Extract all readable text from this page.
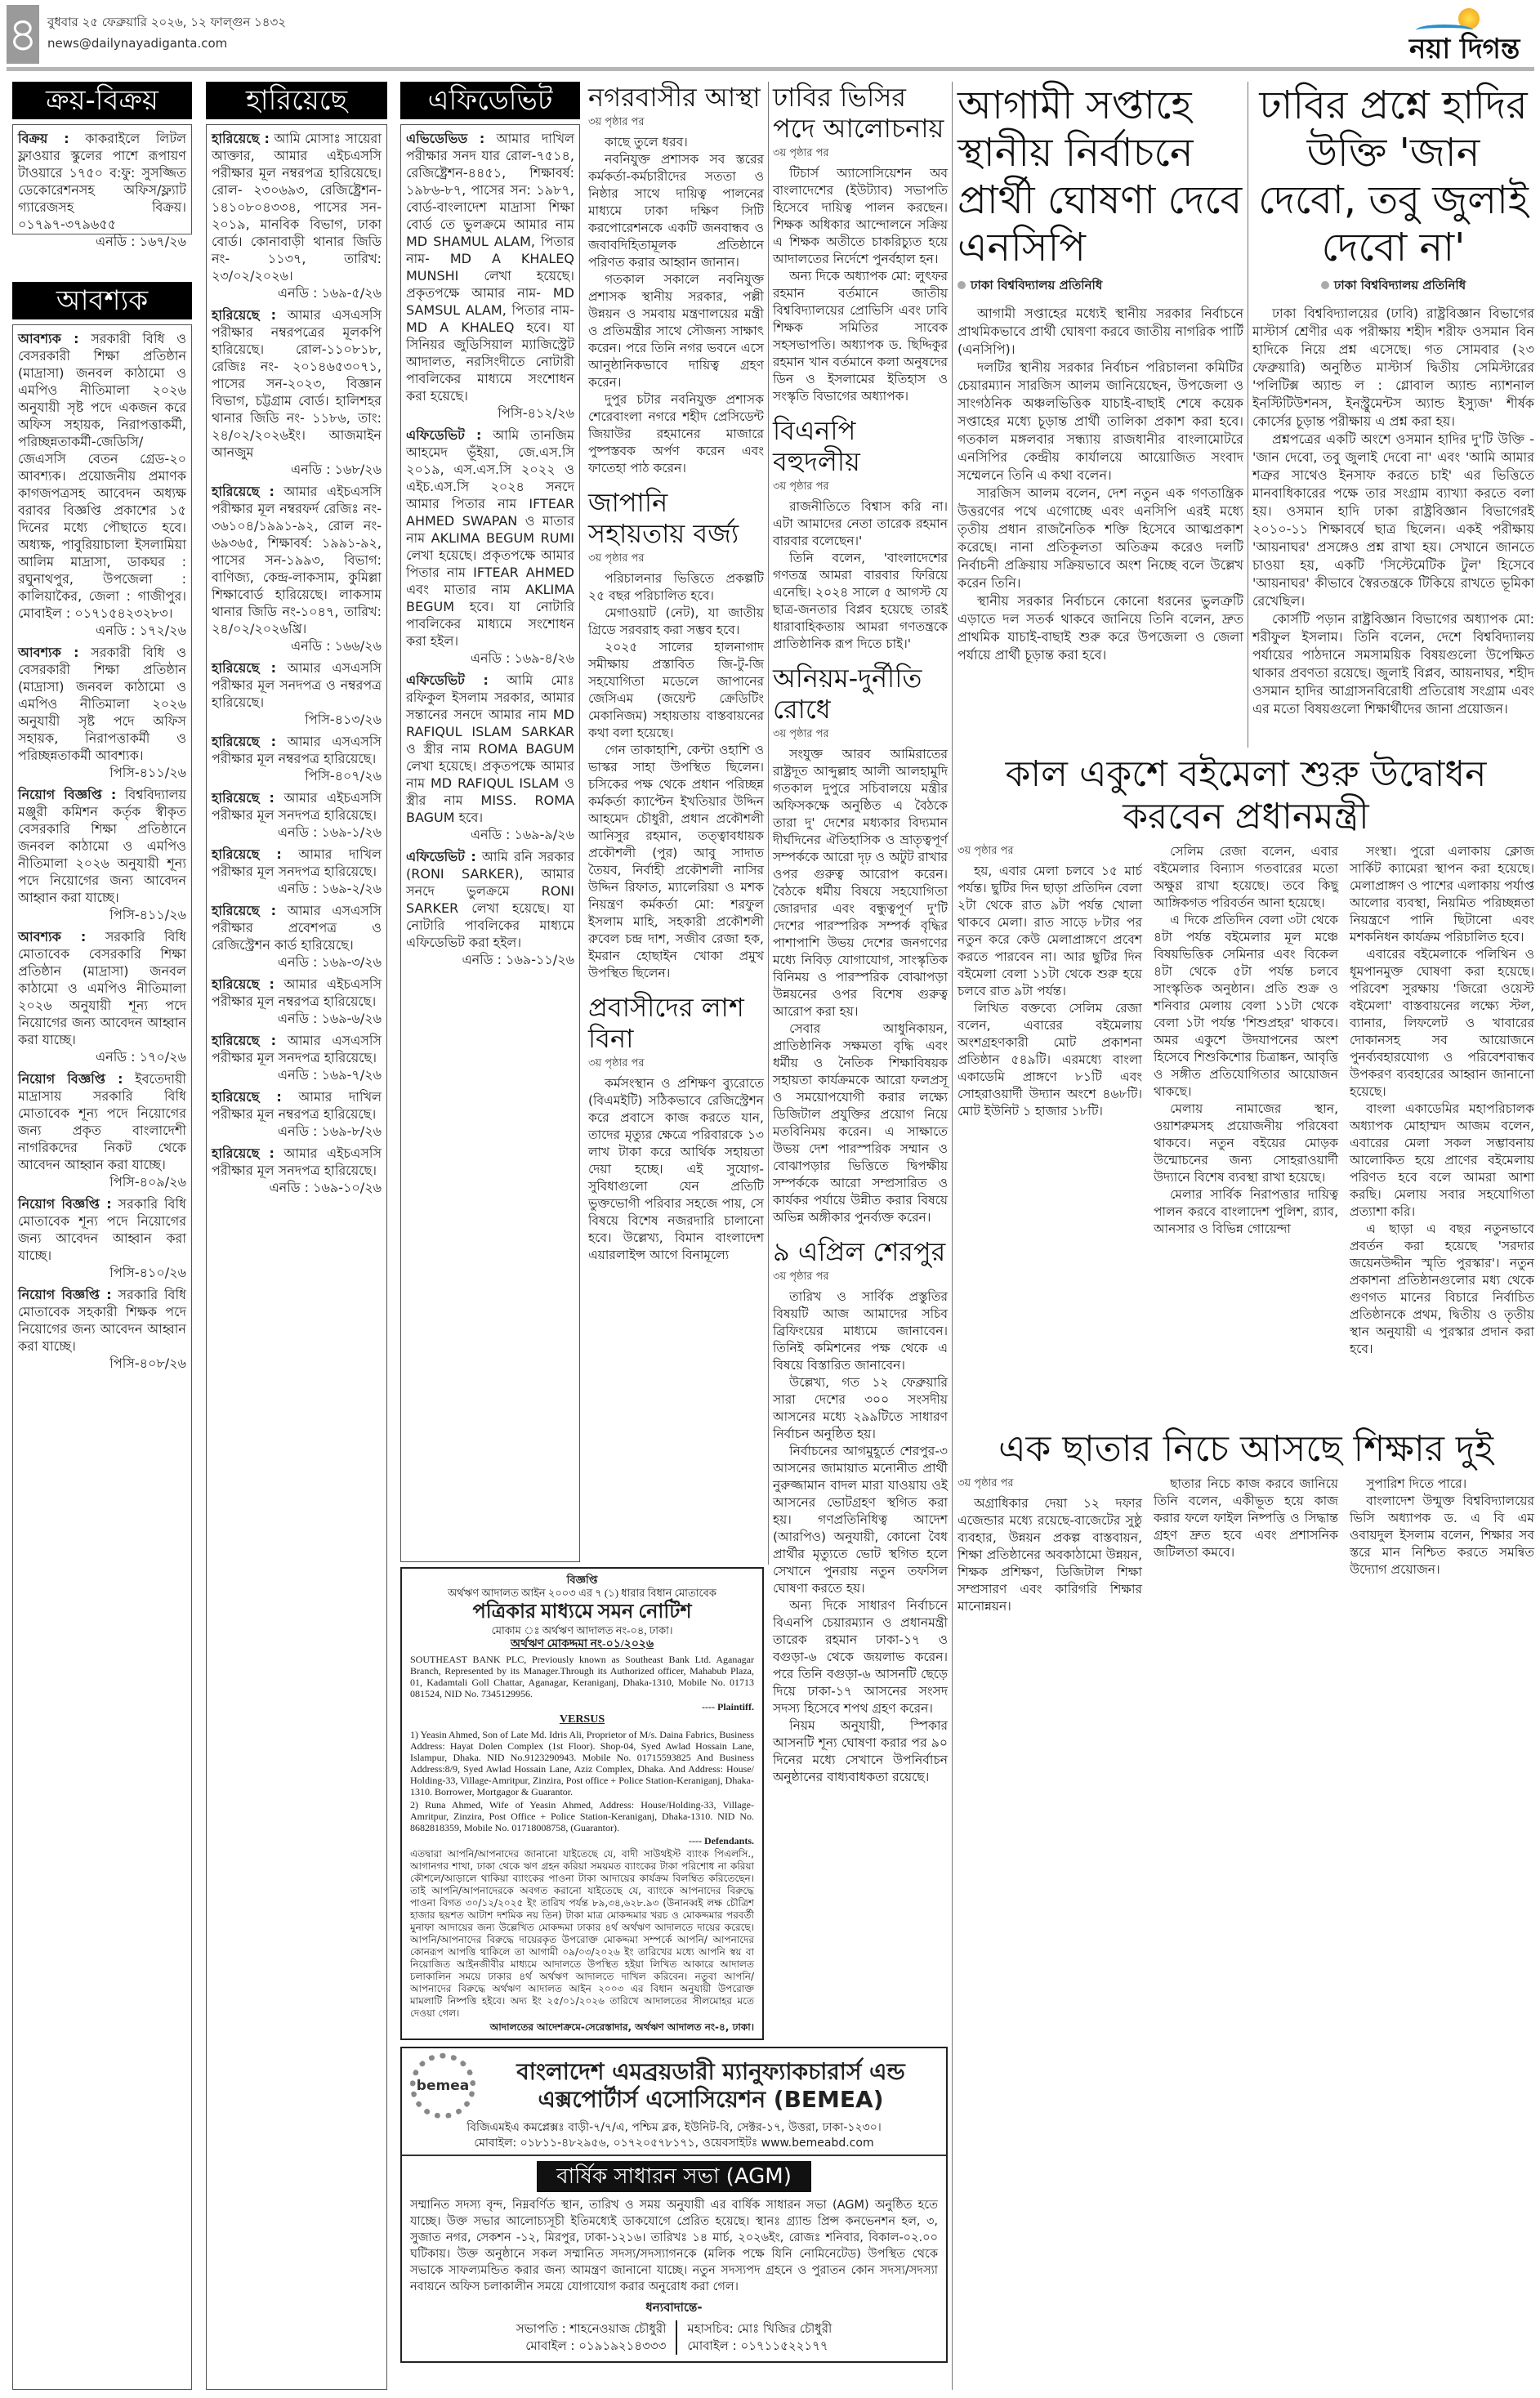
৪ বুধবার ২৫ ফেব্রুয়ারি ২০২৬, ১২ ফাল্গুন ১৪৩২
news@dailynayadiganta.com	নয়া দিগন্ত
ক্রয়-বিক্রয়
বিক্রয় : কাকরাইলে লিটল ফ্লাওয়ার স্কুলের পাশে রূপায়ণ টাওয়ারে ১৭৫০ ব:ফু: সুসজ্জিত ডেকোরেশনসহ অফিস/ফ্ল্যাট গ্যারেজসহ বিক্রয়। ০১৭৯৭-৩৭৯৬৫৫
এনডি : ১৬৭/২৬
আবশ্যক
আবশ্যক : সরকারী বিধি ও বেসরকারী শিক্ষা প্রতিষ্ঠান (মাদ্রাসা) জনবল কাঠামো ও এমপিও নীতিমালা ২০২৬ অনুযায়ী সৃষ্ট পদে একজন করে অফিস সহায়ক, নিরাপত্তাকর্মী, পরিচ্ছন্নতাকর্মী-জেডিসি/জেএসসি বেতন গ্রেড-২০ আবশ্যক। প্রয়োজনীয় প্রমাণক কাগজপত্রসহ আবেদন অধ্যক্ষ বরাবর বিজ্ঞপ্তি প্রকাশের ১৫ দিনের মধ্যে পৌছাতে হবে। অধ্যক্ষ, পাবুরিয়াচালা ইসলামিয়া আলিম মাদ্রাসা, ডাকঘর : রঘুনাথপুর, উপজেলা : কালিয়াকৈর, জেলা : গাজীপুর। মোবাইল : ০১৭১৫৪২৩২৮৩।
এনডি : ১৭২/২৬
আবশ্যক : সরকারী বিধি ও বেসরকারী শিক্ষা প্রতিষ্ঠান (মাদ্রাসা) জনবল কাঠামো ও এমপিও নীতিমালা ২০২৬ অনুযায়ী সৃষ্ট পদে অফিস সহায়ক, নিরাপত্তাকর্মী ও পরিচ্ছন্নতাকর্মী আবশ্যক।
পিসি-৪১১/২৬
নিয়োগ বিজ্ঞপ্তি : বিশ্ববিদ্যালয় মঞ্জুরী কমিশন কর্তৃক স্বীকৃত বেসরকারি শিক্ষা প্রতিষ্ঠানে জনবল কাঠামো ও এমপিও নীতিমালা ২০২৬ অনুযায়ী শূন্য পদে নিয়োগের জন্য আবেদন আহ্বান করা যাচ্ছে।
পিসি-৪১১/২৬
আবশ্যক : সরকারি বিধি মোতাবেক বেসরকারি শিক্ষা প্রতিষ্ঠান (মাদ্রাসা) জনবল কাঠামো ও এমপিও নীতিমালা ২০২৬ অনুযায়ী শূন্য পদে নিয়োগের জন্য আবেদন আহ্বান করা যাচ্ছে।
এনডি : ১৭০/২৬
নিয়োগ বিজ্ঞপ্তি : ইবতেদায়ী মাদ্রাসায় সরকারি বিধি মোতাবেক শূন্য পদে নিয়োগের জন্য প্রকৃত বাংলাদেশী নাগরিকদের নিকট থেকে আবেদন আহ্বান করা যাচ্ছে।
পিসি-৪০৯/২৬
নিয়োগ বিজ্ঞপ্তি : সরকারি বিধি মোতাবেক শূন্য পদে নিয়োগের জন্য আবেদন আহ্বান করা যাচ্ছে।
পিসি-৪১০/২৬
নিয়োগ বিজ্ঞপ্তি : সরকারি বিধি মোতাবেক সহকারী শিক্ষক পদে নিয়োগের জন্য আবেদন আহ্বান করা যাচ্ছে।
পিসি-৪০৮/২৬
হারিয়েছে
হারিয়েছে : আমি মোসাঃ সায়েরা আক্তার, আমার এইচএসসি পরীক্ষার মূল নম্বরপত্র হারিয়েছে। রোল- ২৩০৬৯৩, রেজিষ্ট্রেশন- ১৪১০৮০৪৩৩৪, পাসের সন- ২০১৯, মানবিক বিভাগ, ঢাকা বোর্ড। কোনাবাড়ী থানার জিডি নং- ১১৩৭, তারিখ: ২৩/০২/২০২৬।
এনডি : ১৬৯-৫/২৬
হারিয়েছে : আমার এসএসসি পরীক্ষার নম্বরপত্রের মূলকপি হারিয়েছে। রোল-১১০৮১৮, রেজিঃ নং- ২০১৪৬৫৩০৭১, পাসের সন-২০২৩, বিজ্ঞান বিভাগ, চট্টগ্রাম বোর্ড। হালিশহর থানার জিডি নং- ১১৮৬, তাং: ২৪/০২/২০২৬ইং। আজমাইন আনজুম
এনডি : ১৬৮/২৬
হারিয়েছে : আমার এইচএসসি পরীক্ষার মূল নম্বরফর্দ রেজিঃ নং- ৩৬১০৪/১৯৯১-৯২, রোল নং- ৬৯৩৬৫, শিক্ষাবর্ষ: ১৯৯১-৯২, পাসের সন-১৯৯৩, বিভাগ: বাণিজ্য, কেন্দ্র-লাকসাম, কুমিল্লা শিক্ষাবোর্ড হারিয়েছে। লাকসাম থানার জিডি নং-১০৪৭, তারিখ: ২৪/০২/২০২৬খ্রি।
এনডি : ১৬৬/২৬
হারিয়েছে : আমার এসএসসি পরীক্ষার মূল সনদপত্র ও নম্বরপত্র হারিয়েছে।
পিসি-৪১৩/২৬
হারিয়েছে : আমার এসএসসি পরীক্ষার মূল নম্বরপত্র হারিয়েছে।
পিসি-৪০৭/২৬
হারিয়েছে : আমার এইচএসসি পরীক্ষার মূল সনদপত্র হারিয়েছে।
এনডি : ১৬৯-১/২৬
হারিয়েছে : আমার দাখিল পরীক্ষার মূল সনদপত্র হারিয়েছে।
এনডি : ১৬৯-২/২৬
হারিয়েছে : আমার এসএসসি পরীক্ষার প্রবেশপত্র ও রেজিস্ট্রেশন কার্ড হারিয়েছে।
এনডি : ১৬৯-৩/২৬
হারিয়েছে : আমার এইচএসসি পরীক্ষার মূল নম্বরপত্র হারিয়েছে।
এনডি : ১৬৯-৬/২৬
হারিয়েছে : আমার এসএসসি পরীক্ষার মূল সনদপত্র হারিয়েছে।
এনডি : ১৬৯-৭/২৬
হারিয়েছে : আমার দাখিল পরীক্ষার মূল নম্বরপত্র হারিয়েছে।
এনডি : ১৬৯-৮/২৬
হারিয়েছে : আমার এইচএসসি পরীক্ষার মূল সনদপত্র হারিয়েছে।
এনডি : ১৬৯-১০/২৬
এফিডেভিট
এভিডেভিড : আমার দাখিল পরীক্ষার সনদ যার রোল-৭৫১৪, রেজিষ্ট্রেশন-৪৪৫১, শিক্ষাবর্ষ: ১৯৮৬-৮৭, পাসের সন: ১৯৮৭, বোর্ড-বাংলাদেশ মাদ্রাসা শিক্ষা বোর্ড তে ভুলক্রমে আমার নাম MD SHAMUL ALAM, পিতার নাম- MD A KHALEQ MUNSHI লেখা হয়েছে। প্রকৃতপক্ষে আমার নাম- MD SAMSUL ALAM, পিতার নাম- MD A KHALEQ হবে। যা সিনিয়র জুডিসিয়াল ম্যাজিস্ট্রেট আদালত, নরসিংদীতে নোটারী পাবলিকের মাধ্যমে সংশোধন করা হয়েছে।
পিসি-৪১২/২৬
এফিডেভিট : আমি তানজিম আহমেদ ভূঁইয়া, জে.এস.সি ২০১৯, এস.এস.সি ২০২২ ও এইচ.এস.সি ২০২৪ সনদে আমার পিতার নাম IFTEAR AHMED SWAPAN ও মাতার নাম AKLIMA BEGUM RUMI লেখা হয়েছে। প্রকৃতপক্ষে আমার পিতার নাম IFTEAR AHMED এবং মাতার নাম AKLIMA BEGUM হবে। যা নোটারি পাবলিকের মাধ্যমে সংশোধন করা হইল।
এনডি : ১৬৯-৪/২৬
এফিডেভিট : আমি মোঃ রফিকুল ইসলাম সরকার, আমার সন্তানের সনদে আমার নাম MD RAFIQUL ISLAM SARKAR ও স্ত্রীর নাম ROMA BAGUM লেখা হয়েছে। প্রকৃতপক্ষে আমার নাম MD RAFIQUL ISLAM ও স্ত্রীর নাম MISS. ROMA BAGUM হবে।
এনডি : ১৬৯-৯/২৬
এফিডেভিট : আমি রনি সরকার (RONI SARKER), আমার সনদে ভুলক্রমে RONI SARKER লেখা হয়েছে। যা নোটারি পাবলিকের মাধ্যমে এফিডেভিট করা হইল।
এনডি : ১৬৯-১১/২৬
নগরবাসীর আস্থা
৩য় পৃষ্ঠার পর

কাছে তুলে ধরব।

নবনিযুক্ত প্রশাসক সব স্তরের কর্মকর্তা-কর্মচারীদের সততা ও নিষ্ঠার সাথে দায়িত্ব পালনের মাধ্যমে ঢাকা দক্ষিণ সিটি করপোরেশনকে একটি জনবান্ধব ও জবাবদিহিতামূলক প্রতিষ্ঠানে পরিণত করার আহ্বান জানান।

গতকাল সকালে নবনিযুক্ত প্রশাসক স্থানীয় সরকার, পল্লী উন্নয়ন ও সমবায় মন্ত্রণালয়ের মন্ত্রী ও প্রতিমন্ত্রীর সাথে সৌজন্য সাক্ষাৎ করেন। পরে তিনি নগর ভবনে এসে আনুষ্ঠানিকভাবে দায়িত্ব গ্রহণ করেন।

দুপুর চটার নবনিযুক্ত প্রশাসক শেরেবাংলা নগরে শহীদ প্রেসিডেন্ট জিয়াউর রহমানের মাজারে পুষ্পস্তবক অর্পণ করেন এবং ফাতেহা পাঠ করেন।

জাপানি সহায়তায় বর্জ্য
৩য় পৃষ্ঠার পর

পরিচালনার ভিত্তিতে প্রকল্পটি ২৫ বছর পরিচালিত হবে।

মেগাওয়াট (নেট), যা জাতীয় গ্রিডে সরবরাহ করা সম্ভব হবে।

২০২৫ সালের হালনাগাদ সমীক্ষায় প্রস্তাবিত জি-টু-জি সহযোগিতা মডেলে জাপানের জেসিএম (জয়েন্ট ক্রেডিটিং মেকানিজম) সহায়তায় বাস্তবায়নের কথা বলা হয়েছে।

গেন তাকাহাশি, কেন্টা ওহাশি ও ভাস্কর সাহা উপস্থিত ছিলেন। চসিকের পক্ষ থেকে প্রধান পরিচ্ছন্ন কর্মকর্তা ক্যাপ্টেন ইখতিয়ার উদ্দিন আহমেদ চৌধুরী, প্রধান প্রকৌশলী আনিসুর রহমান, তত্ত্বাবধায়ক প্রকৌশলী (পুর) আবু সাদাত তৈয়ব, নির্বাহী প্রকৌশলী নাসির উদ্দিন রিফাত, ম্যালেরিয়া ও মশক নিয়ন্ত্রণ কর্মকর্তা মো: শরফুল ইসলাম মাহি, সহকারী প্রকৌশলী রুবেল চন্দ্র দাশ, সজীব রেজা হক, ইমরান হোছাইন খোকা প্রমুখ উপস্থিত ছিলেন।

প্রবাসীদের লাশ বিনা
৩য় পৃষ্ঠার পর

কর্মসংস্থান ও প্রশিক্ষণ ব্যুরোতে (বিএমইটি) সঠিকভাবে রেজিস্ট্রেশন করে প্রবাসে কাজ করতে যান, তাদের মৃত্যুর ক্ষেত্রে পরিবারকে ১৩ লাখ টাকা করে আর্থিক সহায়তা দেয়া হচ্ছে। এই সুযোগ-সুবিধাগুলো যেন প্রতিটি ভুক্তভোগী পরিবার সহজে পায়, সে বিষয়ে বিশেষ নজরদারি চালানো হবে। উল্লেখ্য, বিমান বাংলাদেশ এয়ারলাইন্স আগে বিনামূল্যে

ঢাবির ভিসির পদে আলোচনায়
৩য় পৃষ্ঠার পর

টিচার্স অ্যাসোসিয়েশন অব বাংলাদেশের (ইউট্যাব) সভাপতি হিসেবে দায়িত্ব পালন করছেন। শিক্ষক অধিকার আন্দোলনে সক্রিয় এ শিক্ষক অতীতে চাকরিচ্যুত হয়ে আদালতের নির্দেশে পুনর্বহাল হন।

অন্য দিকে অধ্যাপক মো: লুৎফর রহমান বর্তমানে জাতীয় বিশ্ববিদ্যালয়ের প্রোভিসি এবং ঢাবি শিক্ষক সমিতির সাবেক সহসভাপতি। অধ্যাপক ড. ছিদ্দিকুর রহমান খান বর্তমানে কলা অনুষদের ডিন ও ইসলামের ইতিহাস ও সংস্কৃতি বিভাগের অধ্যাপক।

বিএনপি বহুদলীয়
৩য় পৃষ্ঠার পর

রাজনীতিতে বিশ্বাস করি না। এটা আমাদের নেতা তারেক রহমান বারবার বলেছেন।'

তিনি বলেন, 'বাংলাদেশের গণতন্ত্র আমরা বারবার ফিরিয়ে এনেছি। ২০২৪ সালে ৫ আগস্ট যে ছাত্র-জনতার বিপ্লব হয়েছে তারই ধারাবাহিকতায় আমরা গণতন্ত্রকে প্রাতিষ্ঠানিক রূপ দিতে চাই।'

অনিয়ম-দুর্নীতি রোধে
৩য় পৃষ্ঠার পর

সংযুক্ত আরব আমিরাতের রাষ্ট্রদূত আব্দুল্লাহ আলী আলহামুদি গতকাল দুপুরে সচিবালয়ে মন্ত্রীর অফিসকক্ষে অনুষ্ঠিত এ বৈঠকে তারা দু' দেশের মধ্যকার বিদ্যমান দীর্ঘদিনের ঐতিহাসিক ও ভ্রাতৃত্বপূর্ণ সম্পর্ককে আরো দৃঢ় ও অটুট রাখার ওপর গুরুত্ব আরোপ করেন। বৈঠকে ধর্মীয় বিষয়ে সহযোগিতা জোরদার এবং বন্ধুত্বপূর্ণ দু'টি দেশের পারস্পরিক সম্পর্ক বৃদ্ধির পাশাপাশি উভয় দেশের জনগণের মধ্যে নিবিড় যোগাযোগ, সাংস্কৃতিক বিনিময় ও পারস্পরিক বোঝাপড়া উন্নয়নের ওপর বিশেষ গুরুত্ব আরোপ করা হয়।

সেবার আধুনিকায়ন, প্রাতিষ্ঠানিক সক্ষমতা বৃদ্ধি এবং ধর্মীয় ও নৈতিক শিক্ষাবিষয়ক সহায়তা কার্যক্রমকে আরো ফলপ্রসূ ও সময়োপযোগী করার লক্ষ্যে ডিজিটাল প্রযুক্তির প্রয়োগ নিয়ে মতবিনিময় করেন। এ সাক্ষাতে উভয় দেশ পারস্পরিক সম্মান ও বোঝাপড়ার ভিত্তিতে দ্বিপক্ষীয় সম্পর্ককে আরো সম্প্রসারিত ও কার্যকর পর্যায়ে উন্নীত করার বিষয়ে অভিন্ন অঙ্গীকার পুনর্ব্যক্ত করেন।

৯ এপ্রিল শেরপুর
৩য় পৃষ্ঠার পর

তারিখ ও সার্বিক প্রস্তুতির বিষয়টি আজ আমাদের সচিব ব্রিফিংয়ের মাধ্যমে জানাবেন। তিনিই কমিশনের পক্ষ থেকে এ বিষয়ে বিস্তারিত জানাবেন।

উল্লেখ্য, গত ১২ ফেব্রুয়ারি সারা দেশের ৩০০ সংসদীয় আসনের মধ্যে ২৯৯টিতে সাধারণ নির্বাচন অনুষ্ঠিত হয়।

নির্বাচনের আগমুহূর্তে শেরপুর-৩ আসনের জামায়াত মনোনীত প্রার্থী নুরুজ্জামান বাদল মারা যাওয়ায় ওই আসনের ভোটগ্রহণ স্থগিত করা হয়। গণপ্রতিনিধিত্ব আদেশ (আরপিও) অনুযায়ী, কোনো বৈধ প্রার্থীর মৃত্যুতে ভোট স্থগিত হলে সেখানে পুনরায় নতুন তফসিল ঘোষণা করতে হয়।

অন্য দিকে সাধারণ নির্বাচনে বিএনপি চেয়ারম্যান ও প্রধানমন্ত্রী তারেক রহমান ঢাকা-১৭ ও বগুড়া-৬ থেকে জয়লাভ করেন। পরে তিনি বগুড়া-৬ আসনটি ছেড়ে দিয়ে ঢাকা-১৭ আসনের সংসদ সদস্য হিসেবে শপথ গ্রহণ করেন।

নিয়ম অনুযায়ী, স্পিকার আসনটি শূন্য ঘোষণা করার পর ৯০ দিনের মধ্যে সেখানে উপনির্বাচন অনুষ্ঠানের বাধ্যবাধকতা রয়েছে।

আগামী সপ্তাহে স্থানীয় নির্বাচনে প্রার্থী ঘোষণা দেবে এনসিপি
ঢাকা বিশ্ববিদ্যালয় প্রতিনিধি

আগামী সপ্তাহের মধ্যেই স্থানীয় সরকার নির্বাচনে প্রাথমিকভাবে প্রার্থী ঘোষণা করবে জাতীয় নাগরিক পার্টি (এনসিপি)।

দলটির স্থানীয় সরকার নির্বাচন পরিচালনা কমিটির চেয়ারম্যান সারজিস আলম জানিয়েছেন, উপজেলা ও সাংগঠনিক অঞ্চলভিত্তিক যাচাই-বাছাই শেষে কয়েক সপ্তাহের মধ্যে চূড়ান্ত প্রার্থী তালিকা প্রকাশ করা হবে। গতকাল মঙ্গলবার সন্ধ্যায় রাজধানীর বাংলামোটরে এনসিপির কেন্দ্রীয় কার্যালয়ে আয়োজিত সংবাদ সম্মেলনে তিনি এ কথা বলেন।

সারজিস আলম বলেন, দেশ নতুন এক গণতান্ত্রিক উত্তরণের পথে এগোচ্ছে এবং এনসিপি এরই মধ্যে তৃতীয় প্রধান রাজনৈতিক শক্তি হিসেবে আত্মপ্রকাশ করেছে। নানা প্রতিকূলতা অতিক্রম করেও দলটি নির্বাচনী প্রক্রিয়ায় সক্রিয়ভাবে অংশ নিচ্ছে বলে উল্লেখ করেন তিনি।

স্থানীয় সরকার নির্বাচনে কোনো ধরনের ভুলত্রুটি এড়াতে দল সতর্ক থাকবে জানিয়ে তিনি বলেন, দ্রুত প্রাথমিক যাচাই-বাছাই শুরু করে উপজেলা ও জেলা পর্যায়ে প্রার্থী চূড়ান্ত করা হবে।

ঢাবির প্রশ্নে হাদির উক্তি 'জান দেবো, তবু জুলাই দেবো না'
ঢাকা বিশ্ববিদ্যালয় প্রতিনিধি

ঢাকা বিশ্ববিদ্যালয়ের (ঢাবি) রাষ্ট্রবিজ্ঞান বিভাগের মাস্টার্স শ্রেণীর এক পরীক্ষায় শহীদ শরীফ ওসমান বিন হাদিকে নিয়ে প্রশ্ন এসেছে। গত সোমবার (২৩ ফেব্রুয়ারি) অনুষ্ঠিত মাস্টার্স দ্বিতীয় সেমিস্টারের 'পলিটিক্স অ্যান্ড ল : গ্লোবাল অ্যান্ড ন্যাশনাল ইনস্টিটিউশনস, ইনস্ট্রুমেন্টস অ্যান্ড ইস্যুজ' শীর্ষক কোর্সের চূড়ান্ত পরীক্ষায় এ প্রশ্ন করা হয়।

প্রশ্নপত্রের একটি অংশে ওসমান হাদির দু'টি উক্তি - 'জান দেবো, তবু জুলাই দেবো না' এবং 'আমি আমার শত্রুর সাথেও ইনসাফ করতে চাই' এর ভিত্তিতে মানবাধিকারের পক্ষে তার সংগ্রাম ব্যাখ্যা করতে বলা হয়। ওসমান হাদি ঢাকা রাষ্ট্রবিজ্ঞান বিভাগেরই ২০১০-১১ শিক্ষাবর্ষে ছাত্র ছিলেন। একই পরীক্ষায় 'আয়নাঘর' প্রসঙ্গেও প্রশ্ন রাখা হয়। সেখানে জানতে চাওয়া হয়, একটি 'সিস্টেমেটিক টুল' হিসেবে 'আয়নাঘর' কীভাবে স্বৈরতন্ত্রকে টিকিয়ে রাখতে ভূমিকা রেখেছিল।

কোর্সটি পড়ান রাষ্ট্রবিজ্ঞান বিভাগের অধ্যাপক মো: শরীফুল ইসলাম। তিনি বলেন, দেশে বিশ্ববিদ্যালয় পর্যায়ের পাঠদানে সমসাময়িক বিষয়গুলো উপেক্ষিত থাকার প্রবণতা রয়েছে। জুলাই বিপ্লব, আয়নাঘর, শহীদ ওসমান হাদির আগ্রাসনবিরোধী প্রতিরোধ সংগ্রাম এবং এর মতো বিষয়গুলো শিক্ষার্থীদের জানা প্রয়োজন।

কাল একুশে বইমেলা শুরু উদ্বোধন করবেন প্রধানমন্ত্রী
৩য় পৃষ্ঠার পর

হয়, এবার মেলা চলবে ১৫ মার্চ পর্যন্ত। ছুটির দিন ছাড়া প্রতিদিন বেলা ২টা থেকে রাত ৯টা পর্যন্ত খোলা থাকবে মেলা। রাত সাড়ে ৮টার পর নতুন করে কেউ মেলাপ্রাঙ্গণে প্রবেশ করতে পারবেন না। আর ছুটির দিন বইমেলা বেলা ১১টা থেকে শুরু হয়ে চলবে রাত ৯টা পর্যন্ত।

লিখিত বক্তব্যে সেলিম রেজা বলেন, এবারের বইমেলায় অংশগ্রহণকারী মোট প্রকাশনা প্রতিষ্ঠান ৫৪৯টি। এরমধ্যে বাংলা একাডেমি প্রাঙ্গণে ৮১টি এবং সোহরাওয়ার্দী উদ্যান অংশে ৪৬৮টি। মোট ইউনিট ১ হাজার ১৮টি।

সেলিম রেজা বলেন, এবার বইমেলার বিন্যাস গতবারের মতো অক্ষুণ্ণ রাখা হয়েছে। তবে কিছু আঙ্গিকগত পরিবর্তন আনা হয়েছে।

এ দিকে প্রতিদিন বেলা ৩টা থেকে ৪টা পর্যন্ত বইমেলার মূল মঞ্চে বিষয়ভিত্তিক সেমিনার এবং বিকেল ৪টা থেকে ৫টা পর্যন্ত চলবে সাংস্কৃতিক অনুষ্ঠান। প্রতি শুক্র ও শনিবার মেলায় বেলা ১১টা থেকে বেলা ১টা পর্যন্ত 'শিশুপ্রহর' থাকবে। অমর একুশে উদযাপনের অংশ হিসেবে শিশুকিশোর চিত্রাঙ্কন, আবৃত্তি ও সঙ্গীত প্রতিযোগিতার আয়োজন থাকছে।

মেলায় নামাজের স্থান, ওয়াশরুমসহ প্রয়োজনীয় পরিষেবা থাকবে। নতুন বইয়ের মোড়ক উন্মোচনের জন্য সোহরাওয়ার্দী উদ্যানে বিশেষ ব্যবস্থা রাখা হয়েছে।

মেলার সার্বিক নিরাপত্তার দায়িত্ব পালন করবে বাংলাদেশ পুলিশ, র‌্যাব, আনসার ও বিভিন্ন গোয়েন্দা

সংস্থা। পুরো এলাকায় ক্লোজ সার্কিট ক্যামেরা স্থাপন করা হয়েছে। মেলাপ্রাঙ্গণ ও পাশের এলাকায় পর্যাপ্ত আলোর ব্যবস্থা, নিয়মিত পরিচ্ছন্নতা নিয়ন্ত্রণে পানি ছিটানো এবং মশকনিধন কার্যক্রম পরিচালিত হবে।

এবারের বইমেলাকে পলিথিন ও ধূমপানমুক্ত ঘোষণা করা হয়েছে। পরিবেশ সুরক্ষায় 'জিরো ওয়েস্ট বইমেলা' বাস্তবায়নের লক্ষ্যে স্টল, ব্যানার, লিফলেট ও খাবারের দোকানসহ সব আয়োজনে পুনর্ব্যবহারযোগ্য ও পরিবেশবান্ধব উপকরণ ব্যবহারের আহ্বান জানানো হয়েছে।

বাংলা একাডেমির মহাপরিচালক অধ্যাপক মোহাম্মদ আজম বলেন, এবারের মেলা সকল সম্ভাবনায় আলোকিত হয়ে প্রাণের বইমেলায় পরিণত হবে বলে আমরা আশা করছি। মেলায় সবার সহযোগিতা প্রত্যাশা করি।

এ ছাড়া এ বছর নতুনভাবে প্রবর্তন করা হয়েছে 'সরদার জয়েনউদ্দীন স্মৃতি পুরস্কার'। নতুন প্রকাশনা প্রতিষ্ঠানগুলোর মধ্য থেকে গুণগত মানের বিচারে নির্বাচিত প্রতিষ্ঠানকে প্রথম, দ্বিতীয় ও তৃতীয় স্থান অনুযায়ী এ পুরস্কার প্রদান করা হবে।

এক ছাতার নিচে আসছে শিক্ষার দুই
৩য় পৃষ্ঠার পর

অগ্রাধিকার দেয়া ১২ দফার এজেন্ডার মধ্যে রয়েছে-বাজেটের সুষ্ঠু ব্যবহার, উন্নয়ন প্রকল্প বাস্তবায়ন, শিক্ষা প্রতিষ্ঠানের অবকাঠামো উন্নয়ন, শিক্ষক প্রশিক্ষণ, ডিজিটাল শিক্ষা সম্প্রসারণ এবং কারিগরি শিক্ষার মানোন্নয়ন।

ছাতার নিচে কাজ করবে জানিয়ে তিনি বলেন, একীভূত হয়ে কাজ করার ফলে ফাইল নিষ্পত্তি ও সিদ্ধান্ত গ্রহণ দ্রুত হবে এবং প্রশাসনিক জটিলতা কমবে।

সুপারিশ দিতে পারে।

বাংলাদেশ উন্মুক্ত বিশ্ববিদ্যালয়ের ভিসি অধ্যাপক ড. এ বি এম ওবায়দুল ইসলাম বলেন, শিক্ষার সব স্তরে মান নিশ্চিত করতে সমন্বিত উদ্যোগ প্রয়োজন।

বিজ্ঞপ্তি
অর্থঋণ আদালত আইন ২০০৩ এর ৭ (১) ধারার বিধান মোতাবেক
পত্রিকার মাধ্যমে সমন নোটিশ
মোকাম ঃ অর্থঋণ আদালত নং-০৪, ঢাকা।
অর্থঋণ মোকদ্দমা নং-০১/২০২৬

SOUTHEAST BANK PLC, Previously known as Southeast Bank Ltd. Aganagar Branch, Represented by its Manager.Through its Authorized officer, Mahabub Plaza, 01, Kadamtali Goll Chattar, Aganagar, Keraniganj, Dhaka-1310, Mobile No. 01713 081524, NID No. 7345129956.

---- Plaintiff.
VERSUS

1) Yeasin Ahmed, Son of Late Md. Idris Ali, Proprietor of M/s. Daina Fabrics, Business Address: Hayat Dolen Complex (1st Floor). Shop-04, Syed Awlad Hossain Lane, Islampur, Dhaka. NID No.9123290943. Mobile No. 01715593825 And Business Address:8/9, Syed Awlad Hossain Lane, Aziz Complex, Dhaka. And Address: House/ Holding-33, Village-Amritpur, Zinzira, Post office + Police Station-Keraniganj, Dhaka-1310. Borrower, Mortgagor & Guarantor.

2) Runa Ahmed, Wife of Yeasin Ahmed, Address: House/Holding-33, Village-Amritpur, Zinzira, Post Office + Police Station-Keraniganj, Dhaka-1310. NID No. 8682818359, Mobile No. 01718008758, (Guarantor).

---- Defendants.

এতদ্বারা আপনি/আপনাদের জানানো যাইতেছে যে, বাদী সাউথইস্ট ব্যাংক পিএলসি., আগানগর শাখা, ঢাকা থেকে ঋণ গ্রহন করিয়া সময়মত ব্যাংকের টাকা পরিশোধ না করিয়া কৌশলে/আড়ালে থাকিয়া ব্যাংকের পাওনা টাকা আদায়ের কার্যক্রম বিলম্বিত করিতেছেন। তাই আপনি/আপনাদেরকে অবগত করানো যাইতেছে যে, ব্যাংকে আপনাদের বিরুদ্ধে পাওনা বিগত ৩০/১২/২০২৫ ইং তারিখ পর্যন্ত ৮৯,৩৪,৬২৮.৯৩ (উনানব্বই লক্ষ চৌত্রিশ হাজার ছয়শত আটাশ দশমিক নয় তিন) টাকা মাত্র মোকদ্দমার খরচ ও মোকদ্দমার পরবর্তী মুনাফা আদায়ের জন্য উল্লেখিত মোকদ্দমা ঢাকার ৪র্থ অর্থঋণ আদালতে দায়ের করেছে। আপনি/আপনাদের বিরুদ্ধে দায়েরকৃত উপরোক্ত মোকদ্দমা সম্পর্কে আপনি/ আপনাদের কোনরূপ আপত্তি থাকিলে তা আগামী ০৯/০৩/২০২৬ ইং তারিখের মধ্যে আপনি স্বয় বা নিয়োজিত আইনজীবীর মাধ্যমে আদালতে উপস্থিত হইয়া লিখিত আকারে আদালত চলাকালিন সময়ে ঢাকার ৪র্থ অর্থঋণ আদালতে দাখিল করিবেন। নতুবা আপনি/আপনাদের বিরুদ্ধে অর্থঋণ আদালত আইন ২০০৩ এর বিধান অনুযায়ী উপরোক্ত মামলাটি নিষ্পত্তি হইবে। অদ্য ইং ২৫/০১/২০২৬ তারিখে আদালতের সীলমোহর মতে দেওয়া গেল।

আদালতের আদেশক্রমে-সেরেস্তাদার, অর্থঋণ আদালত নং-৪, ঢাকা।
bemea
বাংলাদেশ এমব্রয়ডারী ম্যানুফ্যাকচারার্স এন্ড এক্সপোর্টার্স এসোসিয়েশন (BEMEA)
বিজিএমইএ কমপ্লেক্সঃ বাড়ী-৭/৭/এ, পশ্চিম ব্লক, ইউনিট-বি, সেক্টর-১৭, উত্তরা, ঢাকা-১২৩০।
মোবাইল: ০১৮১১-৪৮২৯৫৬, ০১৭২০৫৭৮১৭১, ওয়েবসাইটঃ www.bemeabd.com
বার্ষিক সাধারন সভা (AGM)
সম্মানিত সদস্য বৃন্দ, নিম্নবর্ণিত স্থান, তারিখ ও সময় অনুযায়ী এর বার্ষিক সাধারন সভা (AGM) অনুষ্ঠিত হতে যাচ্ছে। উক্ত সভার আলোচ্যসূচী ইতিমধ্যেই ডাকযোগে প্রেরিত হয়েছে। স্থানঃ গ্র্যান্ড প্রিন্স কনভেনশন হল, ৩, সুজাত নগর, সেকশন -১২, মিরপুর, ঢাকা-১২১৬। তারিখঃ ১৪ মার্চ, ২০২৬ইং, রোজঃ শনিবার, বিকাল-০২.০০ ঘটিকায়। উক্ত অনুষ্ঠানে সকল সম্মানিত সদস্য/সদস্যাগনকে (মলিক পক্ষে যিনি নোমিনেটেড) উপস্থিত থেকে সভাকে সাফল্যমন্ডিত করার জন্য আমন্ত্রণ জানানো যাচ্ছে। নতুন সদস্যপদ গ্রহনে ও পুরাতন কোন সদস্য/সদস্যা নবায়নে অফিস চলাকালীন সময়ে যোগাযোগ করার অনুরোধ করা গেল।
ধন্যবাদান্তে-
সভাপতি : শাহনেওয়াজ চৌধুরী
মোবাইল : ০১৯১৯২১৪৩৩৩
মহাসচিব: মোঃ খিজির চৌধুরী
মোবাইল : ০১৭১১৫২২১৭৭
